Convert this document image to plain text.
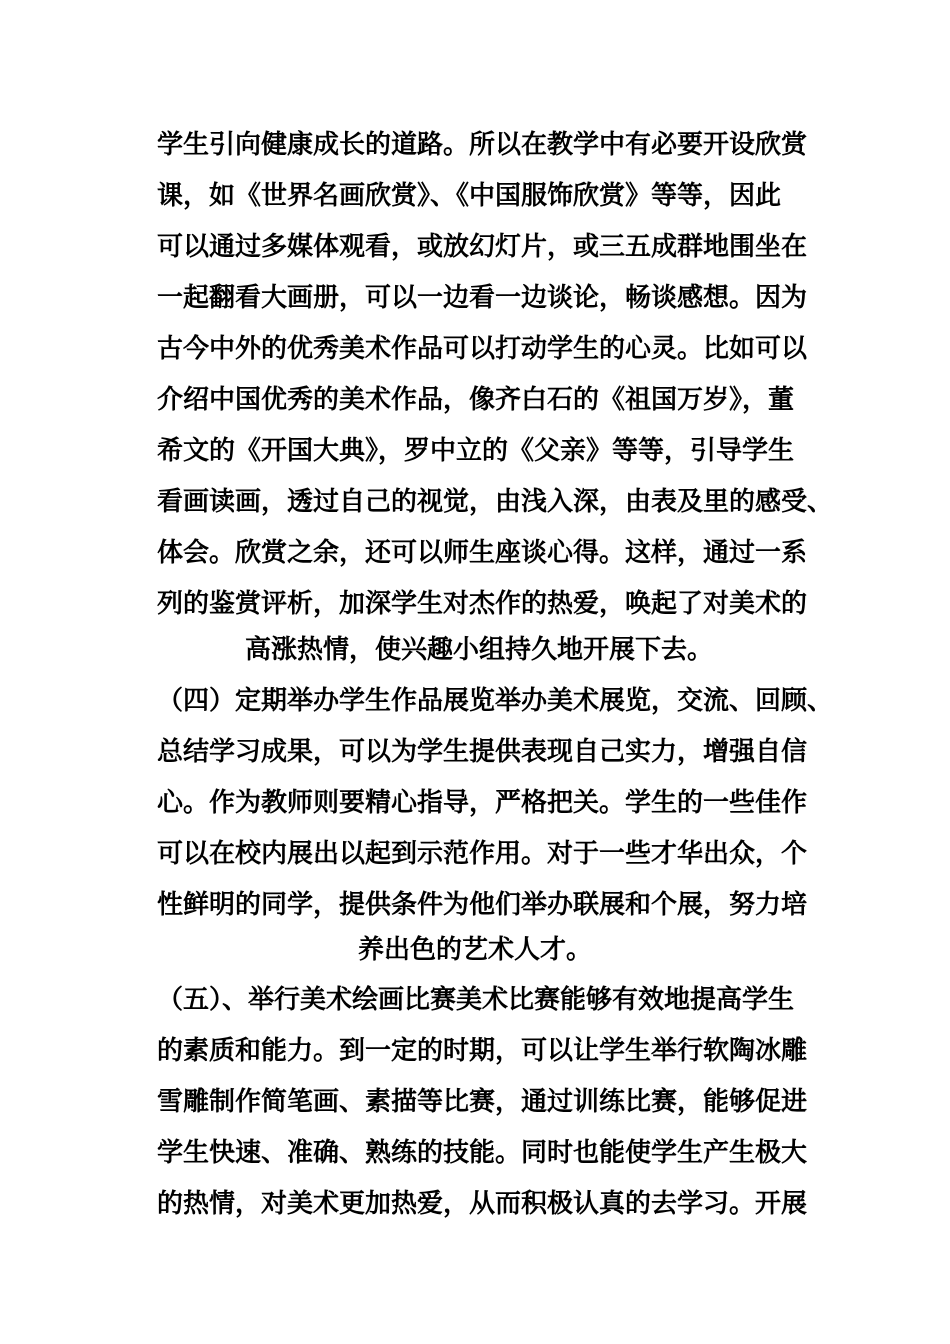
学生引向健康成长的道路。所以在教学中有必要开设欣赏
课，如《世界名画欣赏》、《中国服饰欣赏》等等，因此
可以通过多媒体观看，或放幻灯片，或三五成群地围坐在
一起翻看大画册，可以一边看一边谈论，畅谈感想。因为
古今中外的优秀美术作品可以打动学生的心灵。比如可以
介绍中国优秀的美术作品，像齐白石的《祖国万岁》，董
希文的《开国大典》，罗中立的《父亲》等等，引导学生
看画读画，透过自己的视觉，由浅入深，由表及里的感受、
体会。欣赏之余，还可以师生座谈心得。这样，通过一系
列的鉴赏评析，加深学生对杰作的热爱，唤起了对美术的
高涨热情，使兴趣小组持久地开展下去。
（四）定期举办学生作品展览举办美术展览，交流、回顾、
总结学习成果，可以为学生提供表现自己实力，增强自信
心。作为教师则要精心指导，严格把关。学生的一些佳作
可以在校内展出以起到示范作用。对于一些才华出众，个
性鲜明的同学，提供条件为他们举办联展和个展，努力培
养出色的艺术人才。
（五）、举行美术绘画比赛美术比赛能够有效地提高学生
的素质和能力。到一定的时期，可以让学生举行软陶冰雕
雪雕制作简笔画、素描等比赛，通过训练比赛，能够促进
学生快速、准确、熟练的技能。同时也能使学生产生极大
的热情，对美术更加热爱，从而积极认真的去学习。开展
